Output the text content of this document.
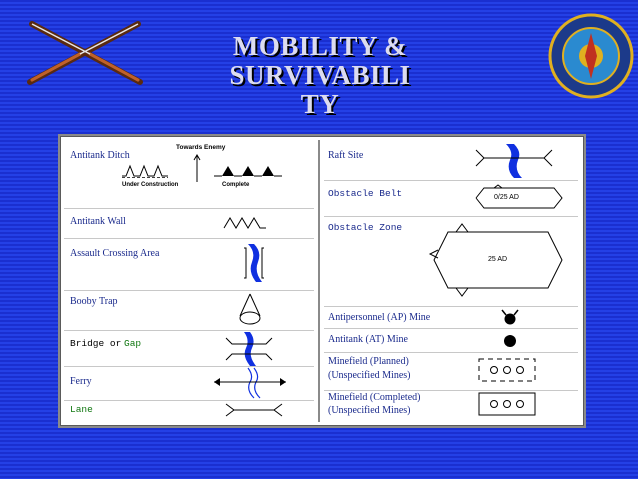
MOBILITY &
SURVIVABILI
TY
Antitank Ditch
Towards Enemy
Under Construction	Complete
Antitank Wall
Assault Crossing Area
Booby Trap
Bridge or Gap
Ferry
Lane
Raft Site
Obstacle Belt	0/25 AD
Obstacle Zone
25 AD
Antipersonnel (AP) Mine
Antitank (AT) Mine
Minefield (Planned)
(Unspecified Mines)
Minefield (Completed)
(Unspecified Mines)
